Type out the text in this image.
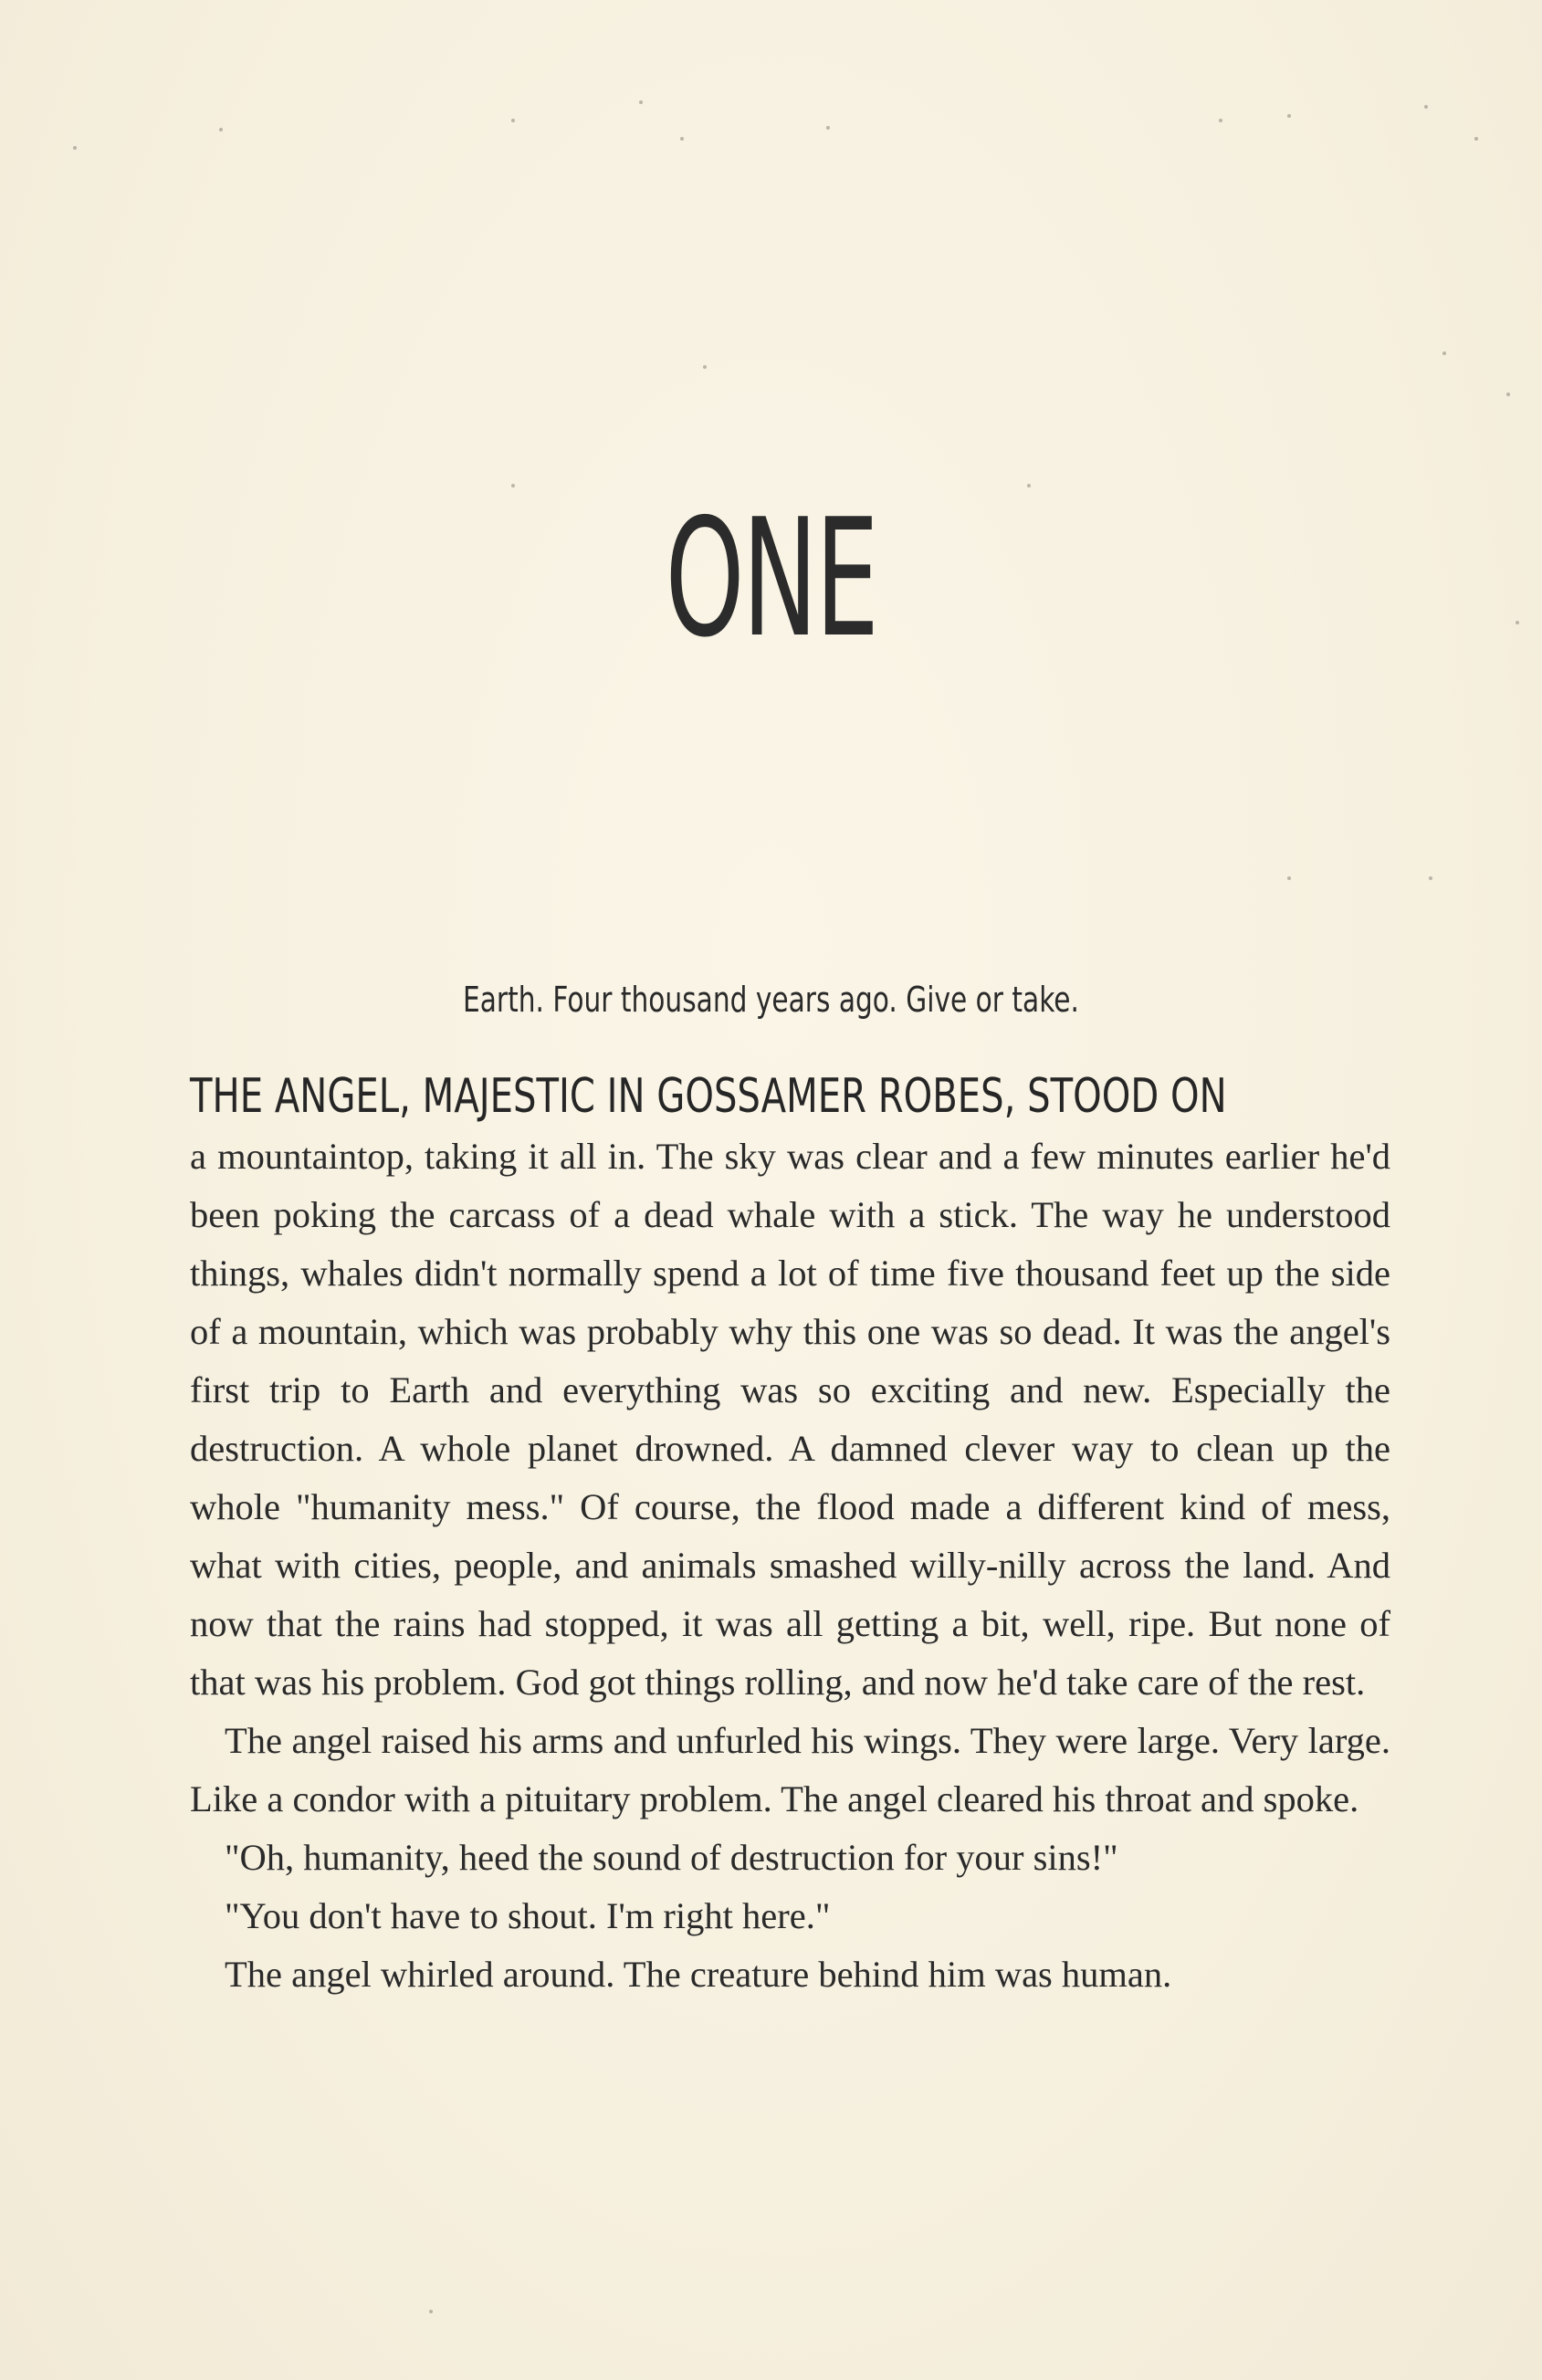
ONE
Earth. Four thousand years ago. Give or take.
THE ANGEL, MAJESTIC IN GOSSAMER ROBES, STOOD ON

a mountaintop, taking it all in. The sky was clear and a few minutes earlier he'd been poking the carcass of a dead whale with a stick. The way he understood things, whales didn't normally spend a lot of time five thousand feet up the side of a mountain, which was probably why this one was so dead. It was the angel's first trip to Earth and everything was so exciting and new. Especially the destruction. A whole planet drowned. A damned clever way to clean up the whole "humanity mess." Of course, the flood made a different kind of mess, what with cities, people, and animals smashed willy-nilly across the land. And now that the rains had stopped, it was all getting a bit, well, ripe. But none of that was his problem. God got things rolling, and now he'd take care of the rest.

The angel raised his arms and unfurled his wings. They were large. Very large. Like a condor with a pituitary problem. The angel cleared his throat and spoke.

"Oh, humanity, heed the sound of destruction for your sins!"

"You don't have to shout. I'm right here."

The angel whirled around. The creature behind him was human.
